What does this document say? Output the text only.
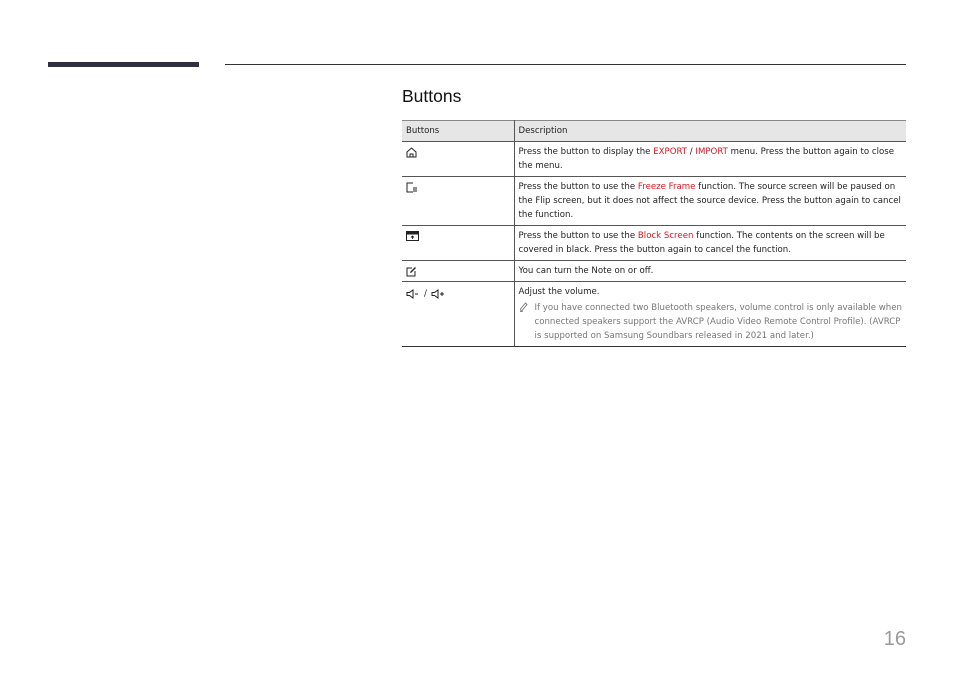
Buttons
Buttons	Description

	Press the button to display the EXPORT / IMPORT menu. Press the button again to close the menu.

	Press the button to use the Freeze Frame function. The source screen will be paused on the Flip screen, but it does not affect the source device. Press the button again to cancel the function.

	Press the button to use the Block Screen function. The contents on the screen will be covered in black. Press the button again to cancel the function.

	You can turn the Note on or off.

/	Adjust the volume.
If you have connected two Bluetooth speakers, volume control is only available when connected speakers support the AVRCP (Audio Video Remote Control Profile). (AVRCP is supported on Samsung Soundbars released in 2021 and later.)
16
